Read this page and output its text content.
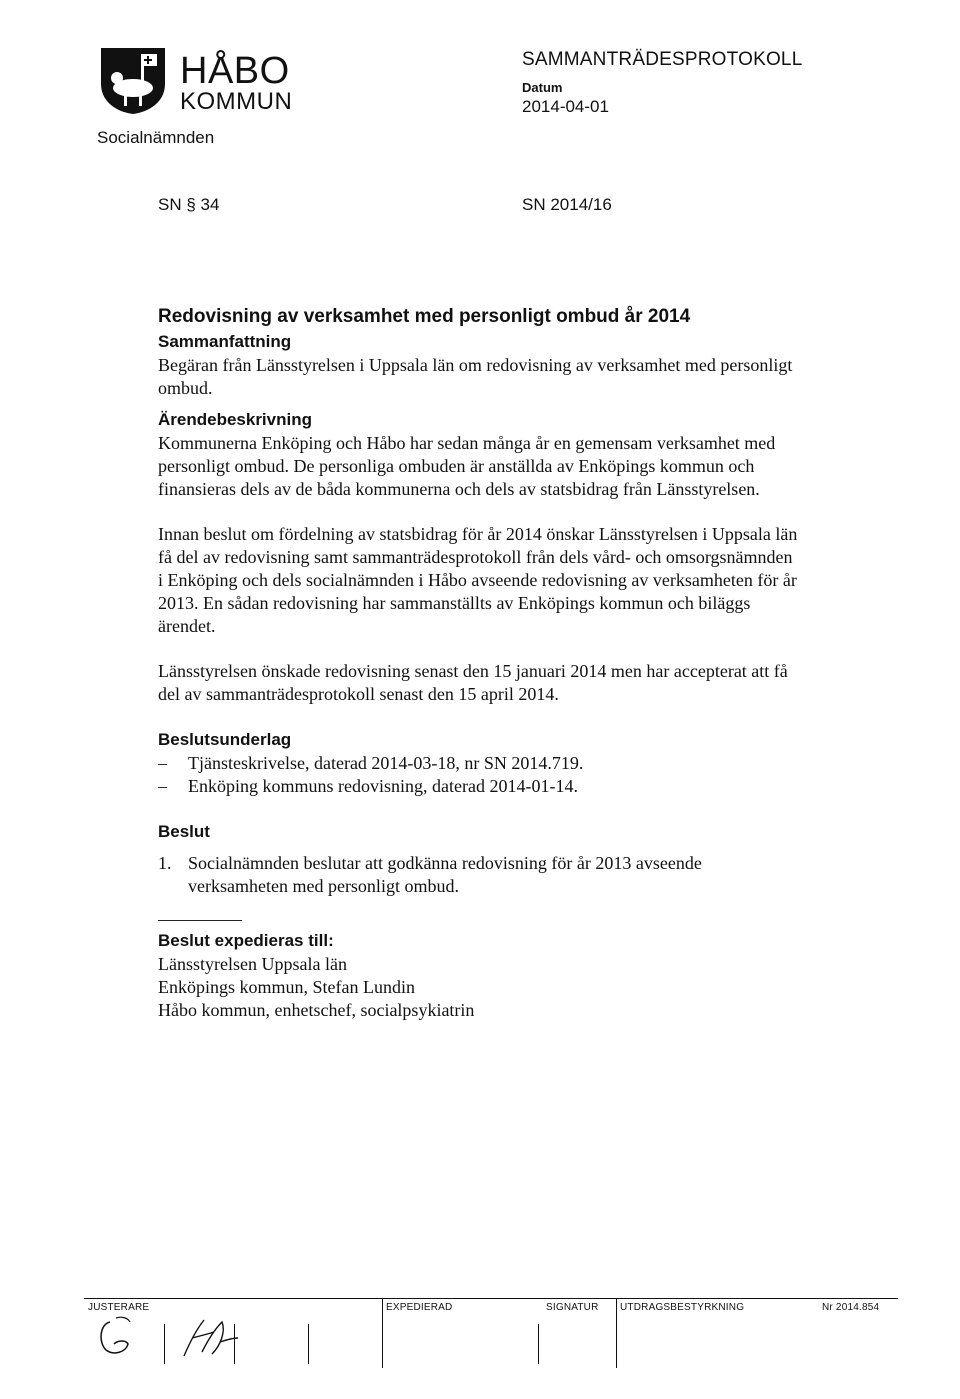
HÅBO
KOMMUN
Socialnämnden
SAMMANTRÄDESPROTOKOLL
Datum
2014-04-01
SN § 34	SN 2014/16
Redovisning av verksamhet med personligt ombud år 2014
Sammanfattning

Begäran från Länsstyrelsen i Uppsala län om redovisning av verksamhet med personligt ombud.

Ärendebeskrivning

Kommunerna Enköping och Håbo har sedan många år en gemensam verksamhet med personligt ombud. De personliga ombuden är anställda av Enköpings kommun och finansieras dels av de båda kommunerna och dels av statsbidrag från Länsstyrelsen.

Innan beslut om fördelning av statsbidrag för år 2014 önskar Länsstyrelsen i Uppsala län få del av redovisning samt sammanträdesprotokoll från dels vård- och omsorgsnämnden i Enköping och dels socialnämnden i Håbo avseende redovisning av verksamheten för år 2013. En sådan redovisning har sammanställts av Enköpings kommun och biläggs ärendet.

Länsstyrelsen önskade redovisning senast den 15 januari 2014 men har accepterat att få del av sammanträdesprotokoll senast den 15 april 2014.

Beslutsunderlag
– Tjänsteskrivelse, daterad 2014-03-18, nr SN 2014.719.
– Enköping kommuns redovisning, daterad 2014-01-14.
Beslut
1. Socialnämnden beslutar att godkänna redovisning för år 2013 avseende verksamheten med personligt ombud.
Beslut expedieras till:

Länsstyrelsen Uppsala län

Enköpings kommun, Stefan Lundin

Håbo kommun, enhetschef, socialpsykiatrin

JUSTERARE	EXPEDIERAD	SIGNATUR UTDRAGSBESTYRKNING	Nr 2014.854
